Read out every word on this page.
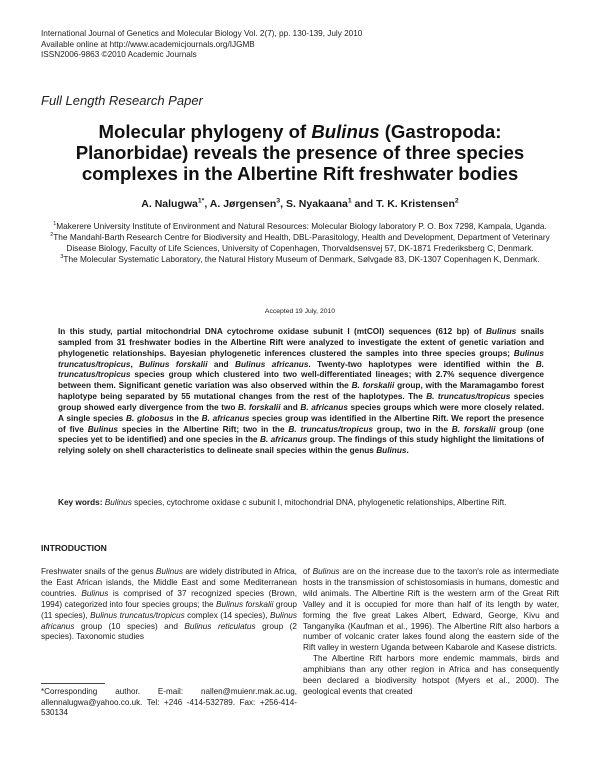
International Journal of Genetics and Molecular Biology Vol. 2(7), pp. 130-139, July 2010
Available online at http://www.academicjournals.org/IJGMB
ISSN2006-9863 ©2010 Academic Journals
Full Length Research Paper
Molecular phylogeny of Bulinus (Gastropoda: Planorbidae) reveals the presence of three species complexes in the Albertine Rift freshwater bodies
A. Nalugwa$^{1*}$, A. Jørgensen$^3$, S. Nyakaana$^1$ and T. K. Kristensen$^2$

$^1$Makerere University Institute of Environment and Natural Resources: Molecular Biology laboratory P. O. Box 7298, Kampala, Uganda.

$^2$The Mandahl-Barth Research Centre for Biodiversity and Health, DBL-Parasitology, Health and Development, Department of Veterinary Disease Biology, Faculty of Life Sciences, University of Copenhagen, Thorvaldsensvej 57, DK-1871 Frederiksberg C, Denmark.

$^3$The Molecular Systematic Laboratory, the Natural History Museum of Denmark, Sølvgade 83, DK-1307 Copenhagen K, Denmark.

Accepted 19 July, 2010
In this study, partial mitochondrial DNA cytochrome oxidase subunit I (mtCOI) sequences (612 bp) of Bulinus snails sampled from 31 freshwater bodies in the Albertine Rift were analyzed to investigate the extent of genetic variation and phylogenetic relationships. Bayesian phylogenetic inferences clustered the samples into three species groups; Bulinus truncatus/tropicus, Bulinus forskalii and Bulinus africanus. Twenty-two haplotypes were identified within the B. truncatus/tropicus species group which clustered into two well-differentiated lineages; with 2.7% sequence divergence between them. Significant genetic variation was also observed within the B. forskalii group, with the Maramagambo forest haplotype being separated by 55 mutational changes from the rest of the haplotypes. The B. truncatus/tropicus species group showed early divergence from the two B. forskalii and B. africanus species groups which were more closely related. A single species B. globosus in the B. africanus species group was identified in the Albertine Rift. We report the presence of five Bulinus species in the Albertine Rift; two in the B. truncatus/tropicus group, two in the B. forskalii group (one species yet to be identified) and one species in the B. africanus group. The findings of this study highlight the limitations of relying solely on shell characteristics to delineate snail species within the genus Bulinus.
Key words: Bulinus species, cytochrome oxidase c subunit I, mitochondrial DNA, phylogenetic relationships, Albertine Rift.
INTRODUCTION

Freshwater snails of the genus Bulinus are widely distributed in Africa, the East African islands, the Middle East and some Mediterranean countries. Bulinus is comprised of 37 recognized species (Brown, 1994) categorized into four species groups; the Bulinus forskalii group (11 species), Bulinus truncatus/tropicus complex (14 species), Bulinus africanus group (10 species) and Bulinus reticulatus group (2 species). Taxonomic studies

*Corresponding author. E-mail: nallen@muienr.mak.ac.ug, allennalugwa@yahoo.co.uk. Tel: +246 -414-532789. Fax: +256-414-530134

of Bulinus are on the increase due to the taxon's role as intermediate hosts in the transmission of schistosomiasis in humans, domestic and wild animals. The Albertine Rift is the western arm of the Great Rift Valley and it is occupied for more than half of its length by water, forming the five great Lakes Albert, Edward, George, Kivu and Tanganyika (Kaufman et al., 1996). The Albertine Rift also harbors a number of volcanic crater lakes found along the eastern side of the Rift valley in western Uganda between Kabarole and Kasese districts.

The Albertine Rift harbors more endemic mammals, birds and amphibians than any other region in Africa and has consequently been declared a biodiversity hotspot (Myers et al., 2000). The geological events that created
